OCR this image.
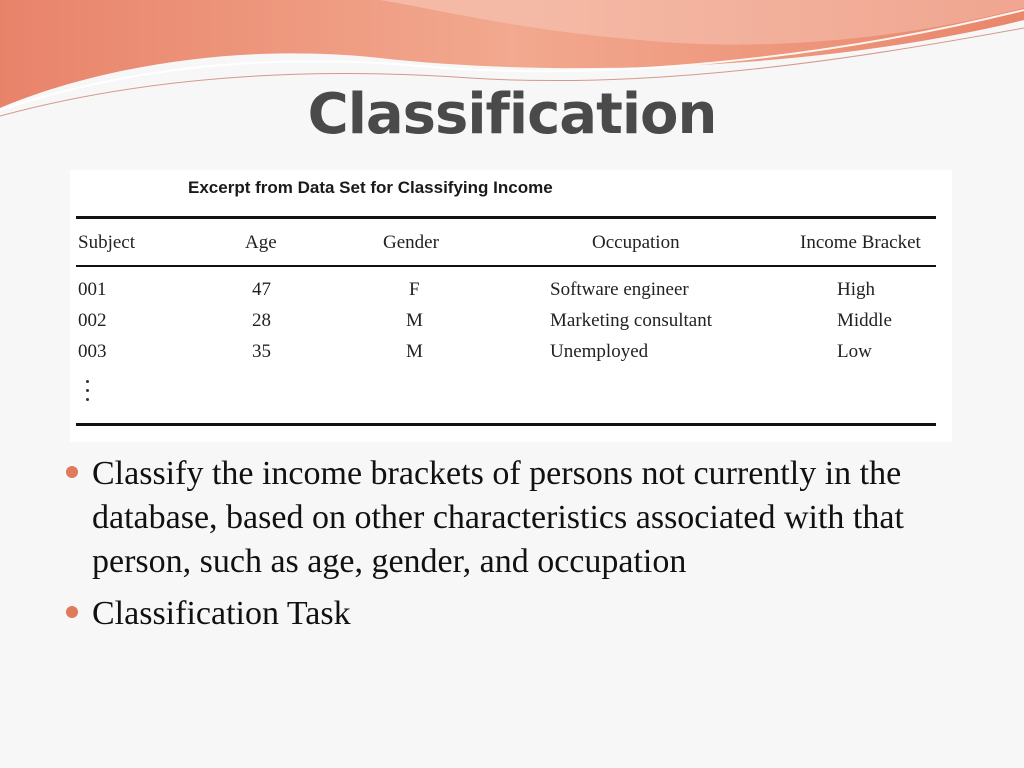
Classification
Excerpt from Data Set for Classifying Income
Subject	Age	Gender	Occupation	Income Bracket
001	47	F	Software engineer	High
002	28	M	Marketing consultant	Middle
003	35	M	Unemployed	Low
Classify the income brackets of persons not currently in the database, based on other characteristics associated with that person, such as age, gender, and occupation
Classification Task
